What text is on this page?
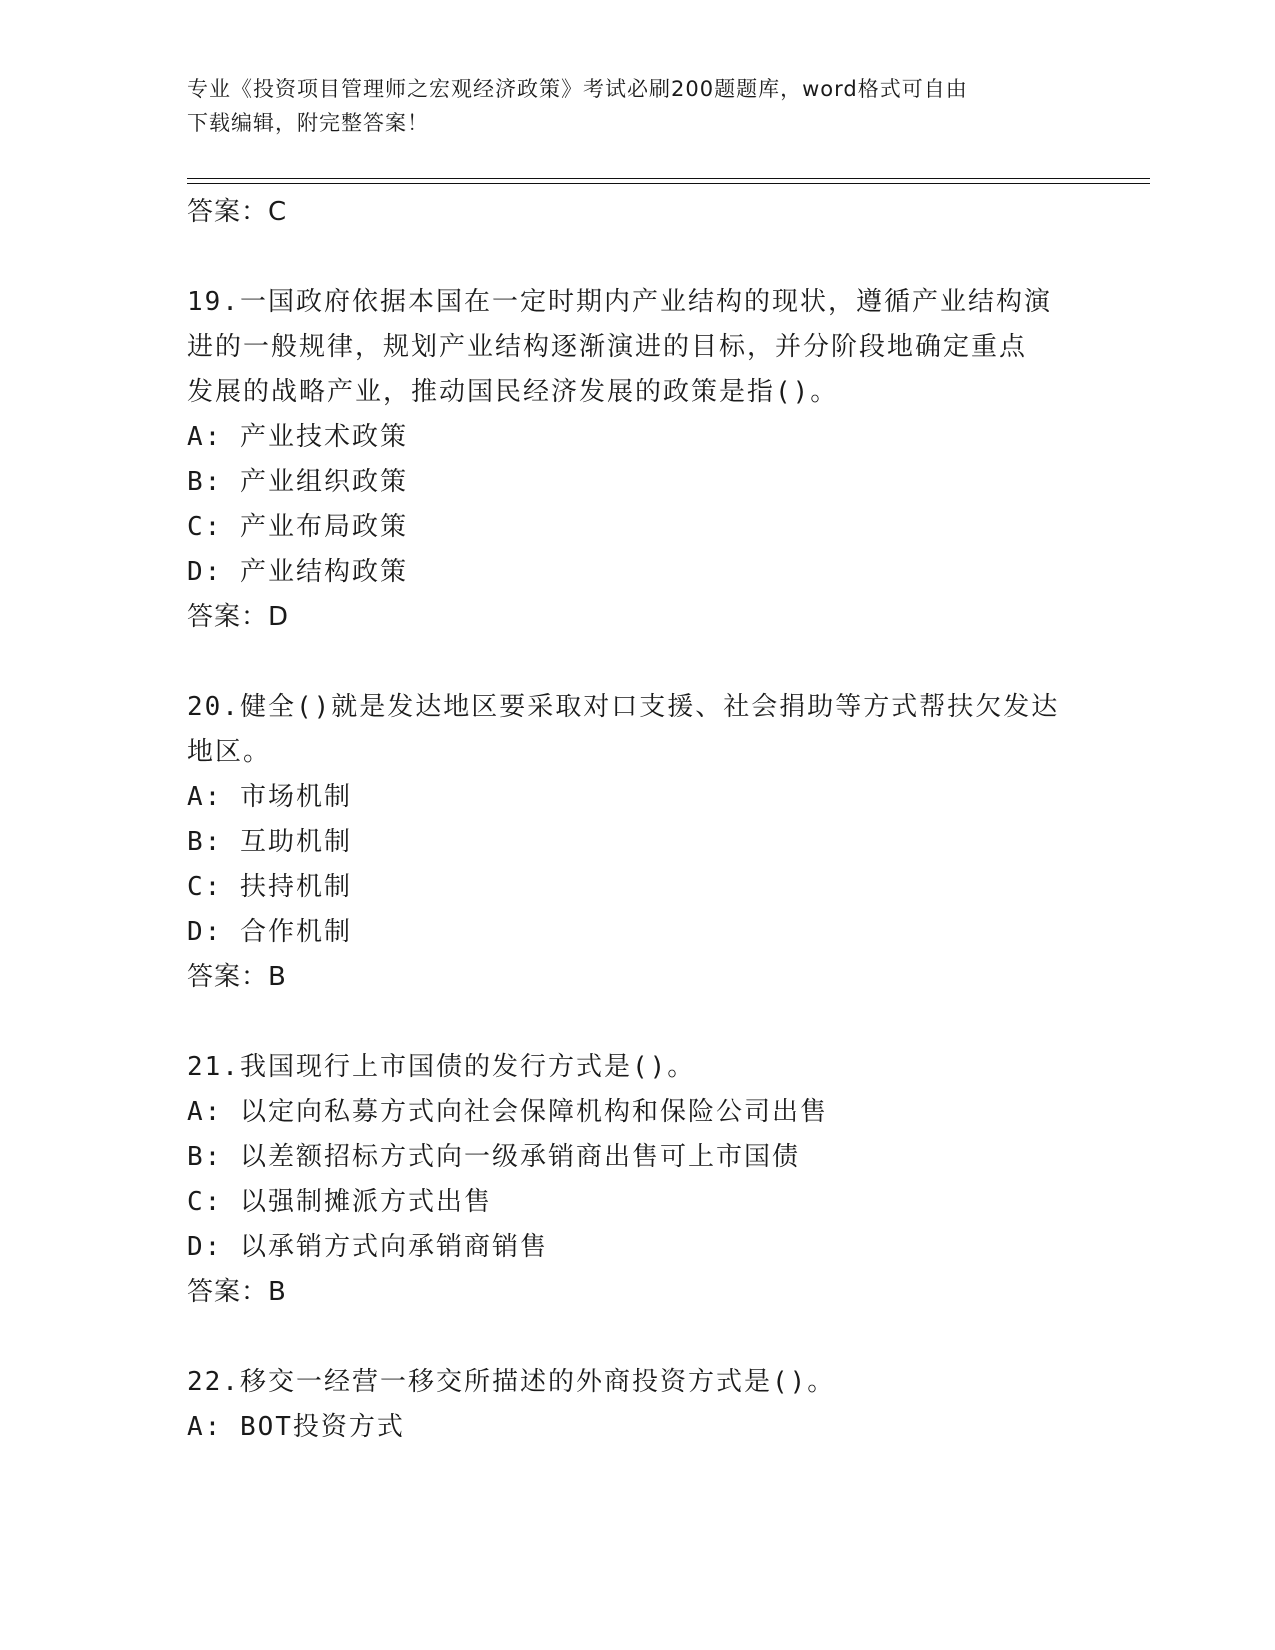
专业《投资项目管理师之宏观经济政策》考试必刷200题题库，word格式可自由
下载编辑，附完整答案！
答案：C
19.一国政府依据本国在一定时期内产业结构的现状，遵循产业结构演
进的一般规律，规划产业结构逐渐演进的目标，并分阶段地确定重点
发展的战略产业，推动国民经济发展的政策是指()。
A: 产业技术政策
B: 产业组织政策
C: 产业布局政策
D: 产业结构政策
答案：D
20.健全()就是发达地区要采取对口支援、社会捐助等方式帮扶欠发达
地区。
A: 市场机制
B: 互助机制
C: 扶持机制
D: 合作机制
答案：B
21.我国现行上市国债的发行方式是()。
A: 以定向私募方式向社会保障机构和保险公司出售
B: 以差额招标方式向一级承销商出售可上市国债
C: 以强制摊派方式出售
D: 以承销方式向承销商销售
答案：B
22.移交一经营一移交所描述的外商投资方式是()。
A: BOT投资方式
